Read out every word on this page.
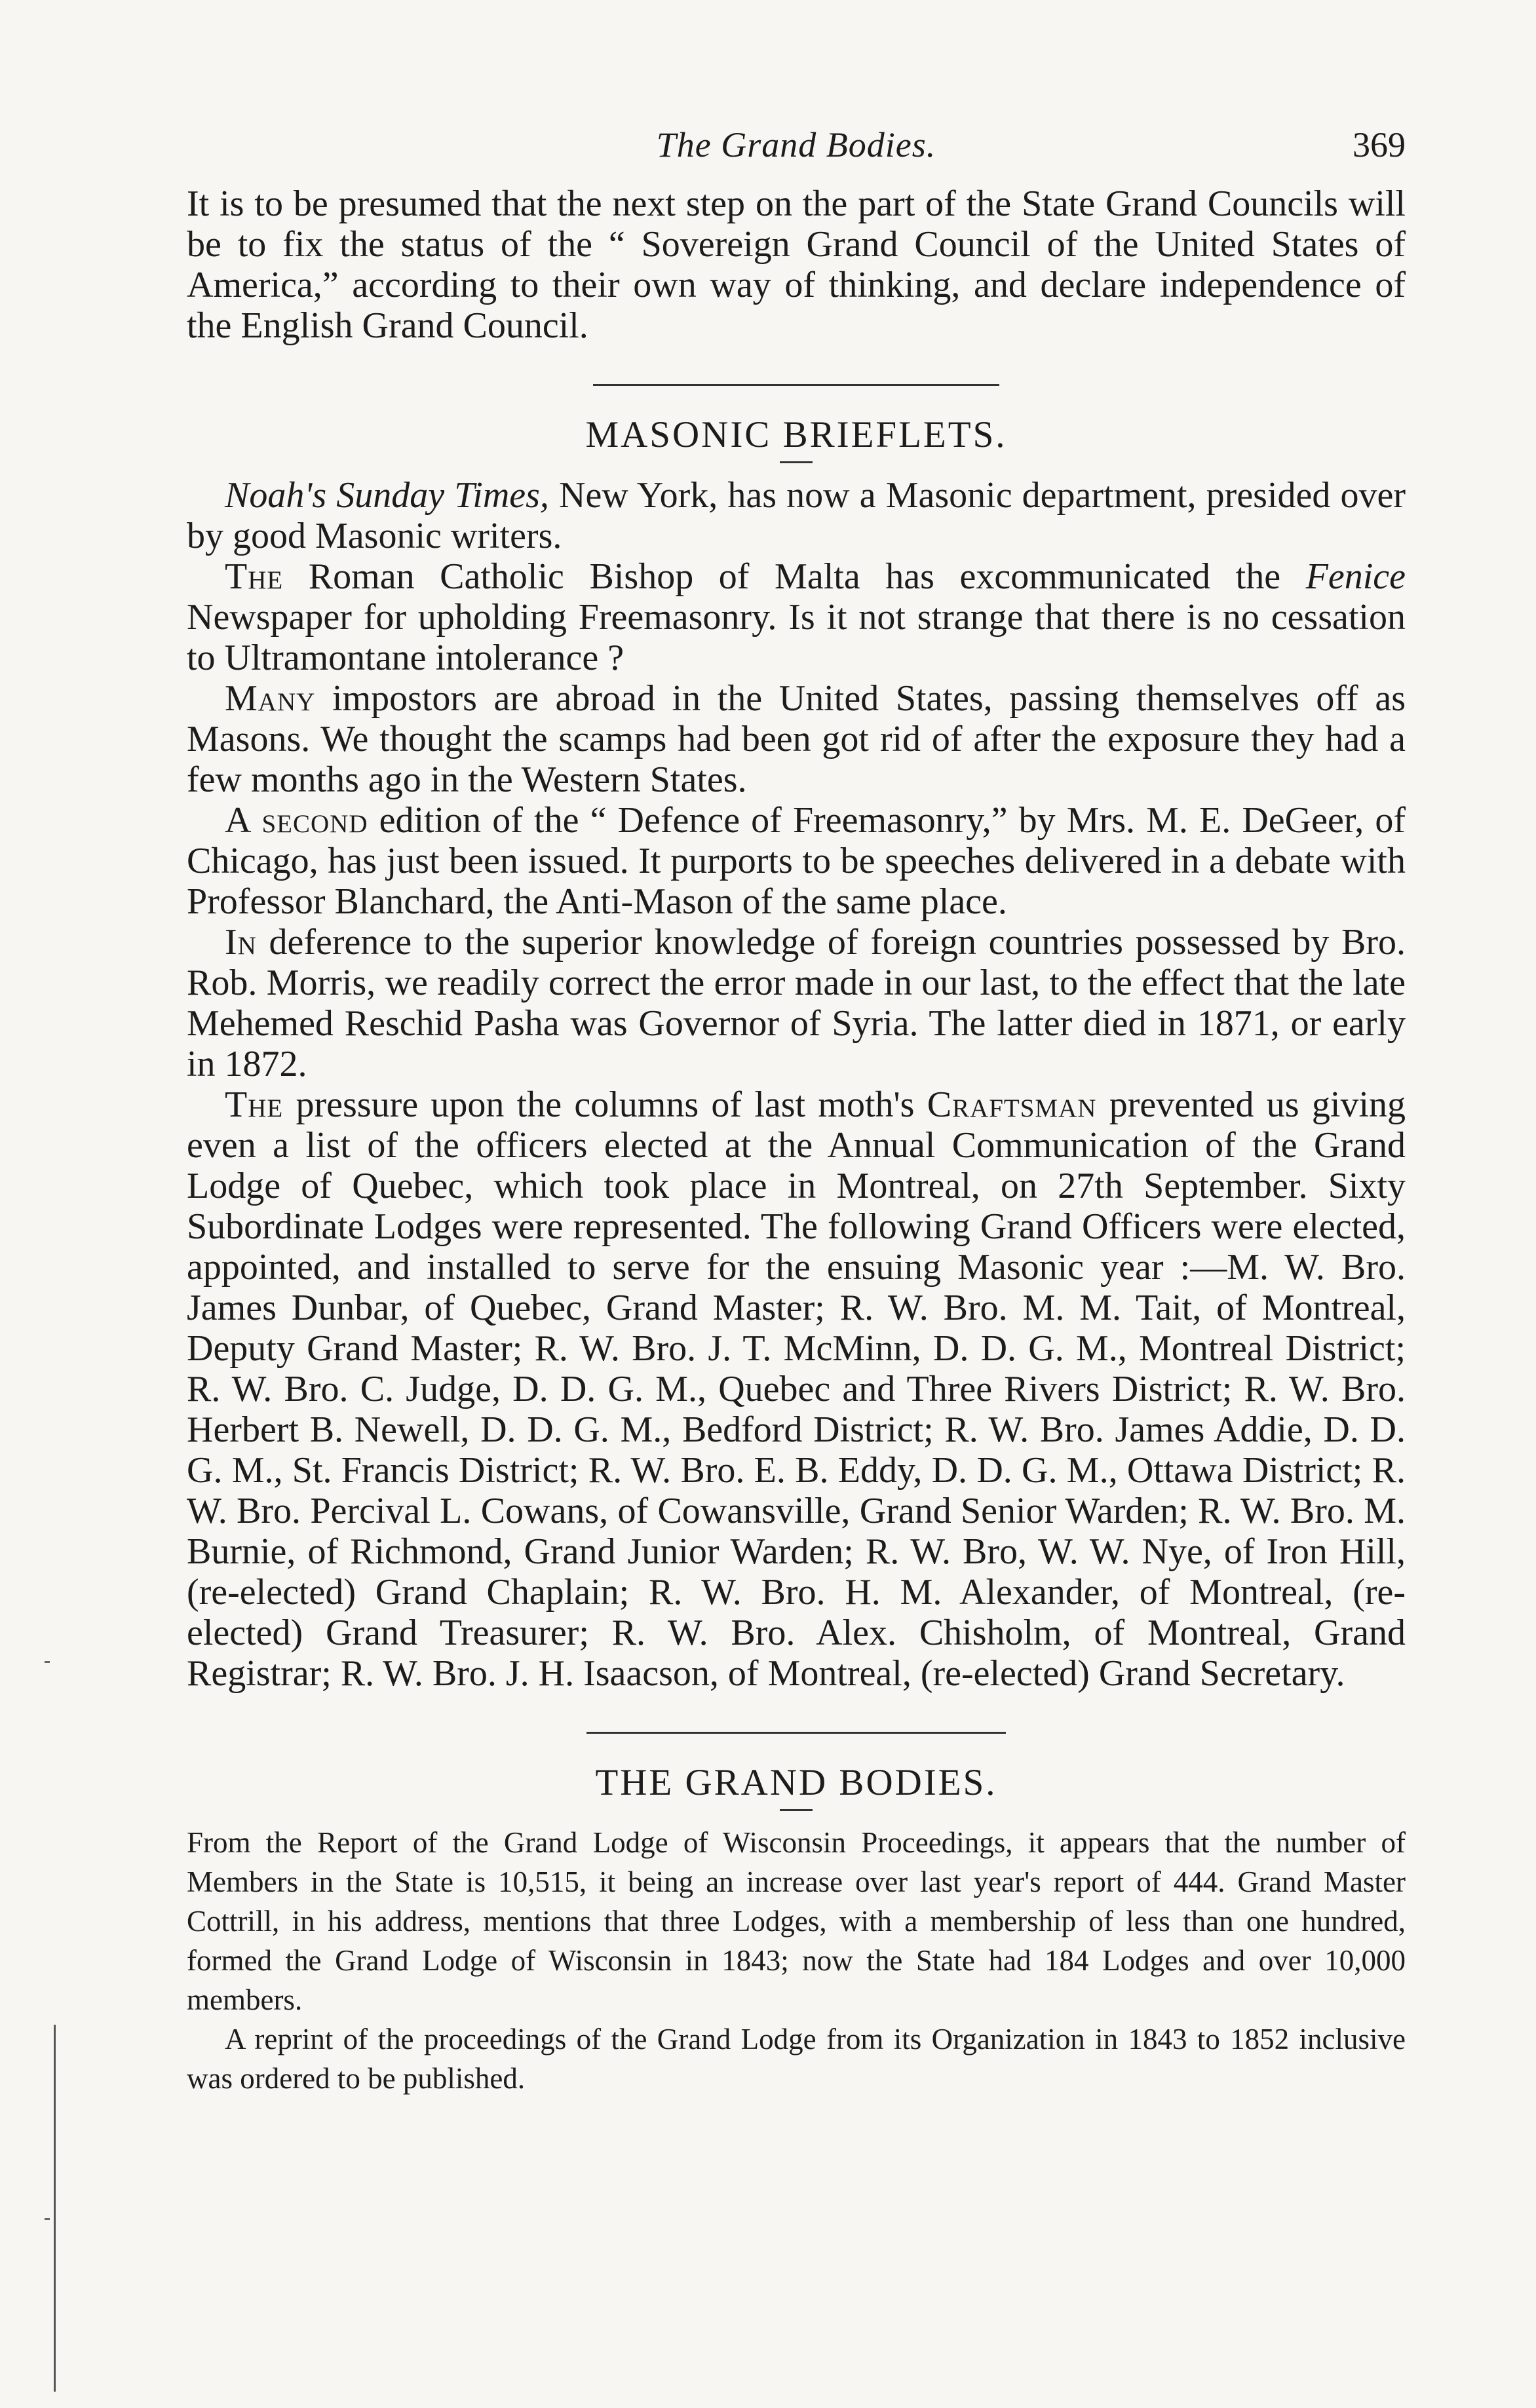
The Grand Bodies.	369

It is to be presumed that the next step on the part of the State Grand Councils will be to fix the status of the “ Sovereign Grand Council of the United States of America,” according to their own way of thinking, and declare independence of the English Grand Council.

MASONIC BRIEFLETS.

Noah's Sunday Times, New York, has now a Masonic department, presided over by good Masonic writers.

The Roman Catholic Bishop of Malta has excommunicated the Fenice Newspaper for upholding Freemasonry. Is it not strange that there is no cessation to Ultramontane intolerance ?

Many impostors are abroad in the United States, passing themselves off as Masons. We thought the scamps had been got rid of after the exposure they had a few months ago in the Western States.

A second edition of the “ Defence of Freemasonry,” by Mrs. M. E. DeGeer, of Chicago, has just been issued. It purports to be speeches delivered in a debate with Professor Blanchard, the Anti-Mason of the same place.

In deference to the superior knowledge of foreign countries possessed by Bro. Rob. Morris, we readily correct the error made in our last, to the effect that the late Mehemed Reschid Pasha was Governor of Syria. The latter died in 1871, or early in 1872.

The pressure upon the columns of last moth's Craftsman prevented us giving even a list of the officers elected at the Annual Communication of the Grand Lodge of Quebec, which took place in Montreal, on 27th September. Sixty Subordinate Lodges were represented. The following Grand Officers were elected, appointed, and installed to serve for the ensuing Masonic year :—M. W. Bro. James Dunbar, of Quebec, Grand Master; R. W. Bro. M. M. Tait, of Montreal, Deputy Grand Master; R. W. Bro. J. T. McMinn, D. D. G. M., Montreal District; R. W. Bro. C. Judge, D. D. G. M., Quebec and Three Rivers District; R. W. Bro. Herbert B. Newell, D. D. G. M., Bedford District; R. W. Bro. James Addie, D. D. G. M., St. Francis District; R. W. Bro. E. B. Eddy, D. D. G. M., Ottawa District; R. W. Bro. Percival L. Cowans, of Cowansville, Grand Senior Warden; R. W. Bro. M. Burnie, of Richmond, Grand Junior Warden; R. W. Bro, W. W. Nye, of Iron Hill, (re-elected) Grand Chaplain; R. W. Bro. H. M. Alexander, of Montreal, (re-elected) Grand Treasurer; R. W. Bro. Alex. Chisholm, of Montreal, Grand Registrar; R. W. Bro. J. H. Isaacson, of Montreal, (re-elected) Grand Secretary.

THE GRAND BODIES.

From the Report of the Grand Lodge of Wisconsin Proceedings, it appears that the number of Members in the State is 10,515, it being an increase over last year's report of 444. Grand Master Cottrill, in his address, mentions that three Lodges, with a membership of less than one hundred, formed the Grand Lodge of Wisconsin in 1843; now the State had 184 Lodges and over 10,000 members.

A reprint of the proceedings of the Grand Lodge from its Organization in 1843 to 1852 inclusive was ordered to be published.
